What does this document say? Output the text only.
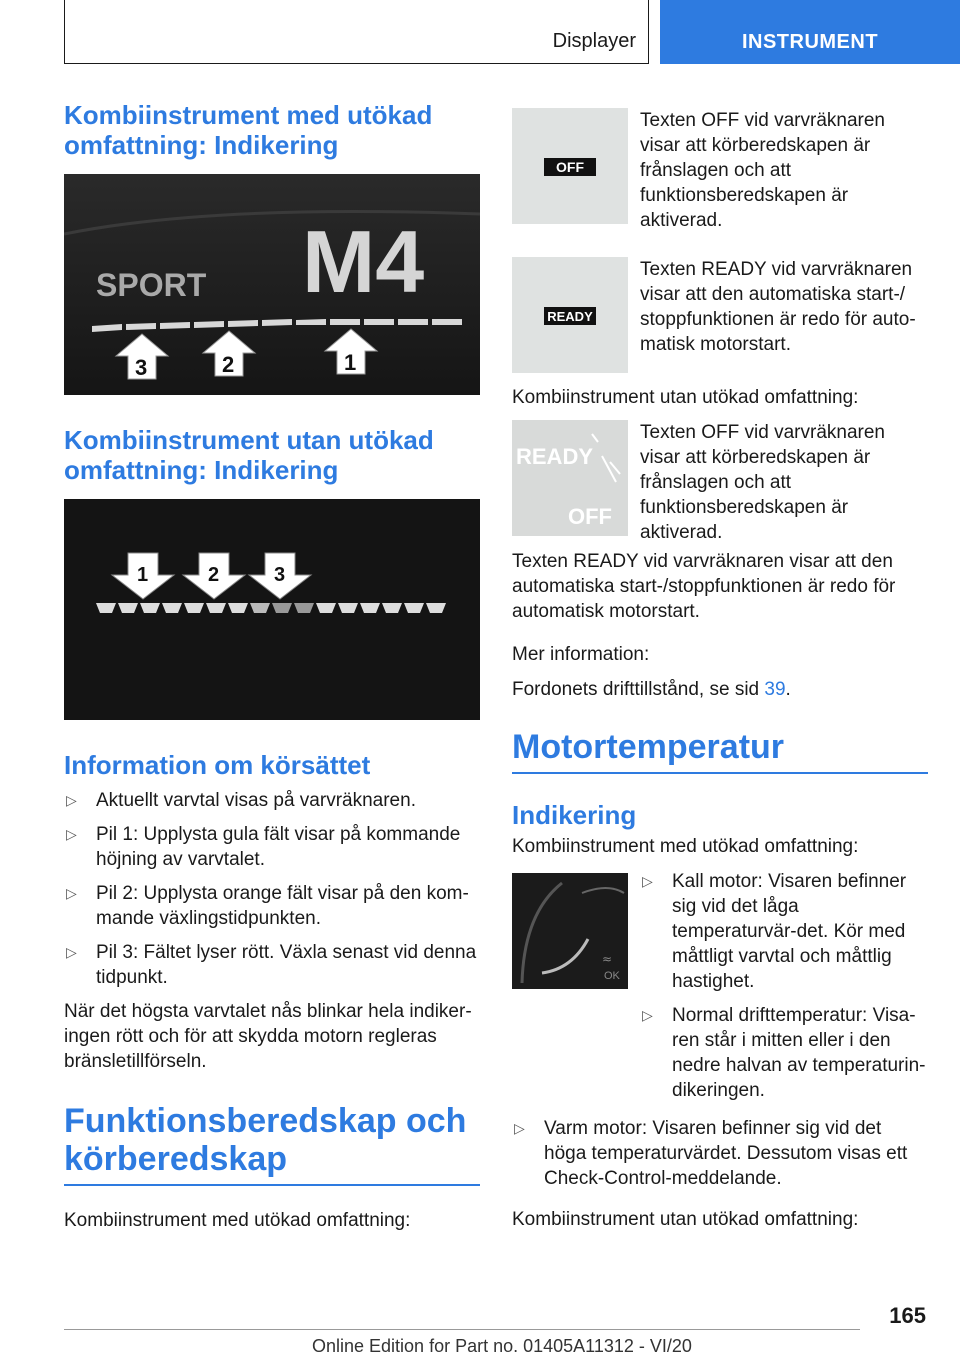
Displayer	INSTRUMENT
Kombiinstrument med utökad omfattning: Indikering
SPORT M4
3	2	1
Kombiinstrument utan utökad omfattning: Indikering
1	2	3
Information om körsättet
▷	Aktuellt varvtal visas på varvräknaren.
▷	Pil 1: Upplysta gula fält visar på kommande höjning av varvtalet.
▷	Pil 2: Upplysta orange fält visar på den kom-mande växlingstidpunkten.
▷	Pil 3: Fältet lyser rött. Växla senast vid denna tidpunkt.

När det högsta varvtalet nås blinkar hela indiker-ingen rött och för att skydda motorn regleras bränsletillförseln.

Funktionsberedskap och körberedskap

Kombiinstrument med utökad omfattning:

OFF

Texten OFF vid varvräknaren visar att körberedskapen är frånslagen och att funktionsberedskapen är aktiverad.

READY

Texten READY vid varvräknaren visar att den automatiska start-/ stoppfunktionen är redo för auto-matisk motorstart.

Kombiinstrument utan utökad omfattning:

READY
OFF

Texten OFF vid varvräknaren visar att körberedskapen är frånslagen och att funktionsberedskapen är aktiverad.

Texten READY vid varvräknaren visar att den automatiska start-/stoppfunktionen är redo för automatisk motorstart.

Mer information:

Fordonets drifttillstånd, se sid 39.

Motortemperatur
Indikering

Kombiinstrument med utökad omfattning:

OK
≈
▷	Kall motor: Visaren befinner sig vid det låga temperaturvär-det. Kör med måttligt varvtal och måttlig hastighet.
▷	Normal drifttemperatur: Visa-ren står i mitten eller i den nedre halvan av temperaturin-dikeringen.
▷	Varm motor: Visaren befinner sig vid det höga temperaturvärdet. Dessutom visas ett Check-Control-meddelande.

Kombiinstrument utan utökad omfattning:

165
Online Edition for Part no. 01405A11312 - VI/20
